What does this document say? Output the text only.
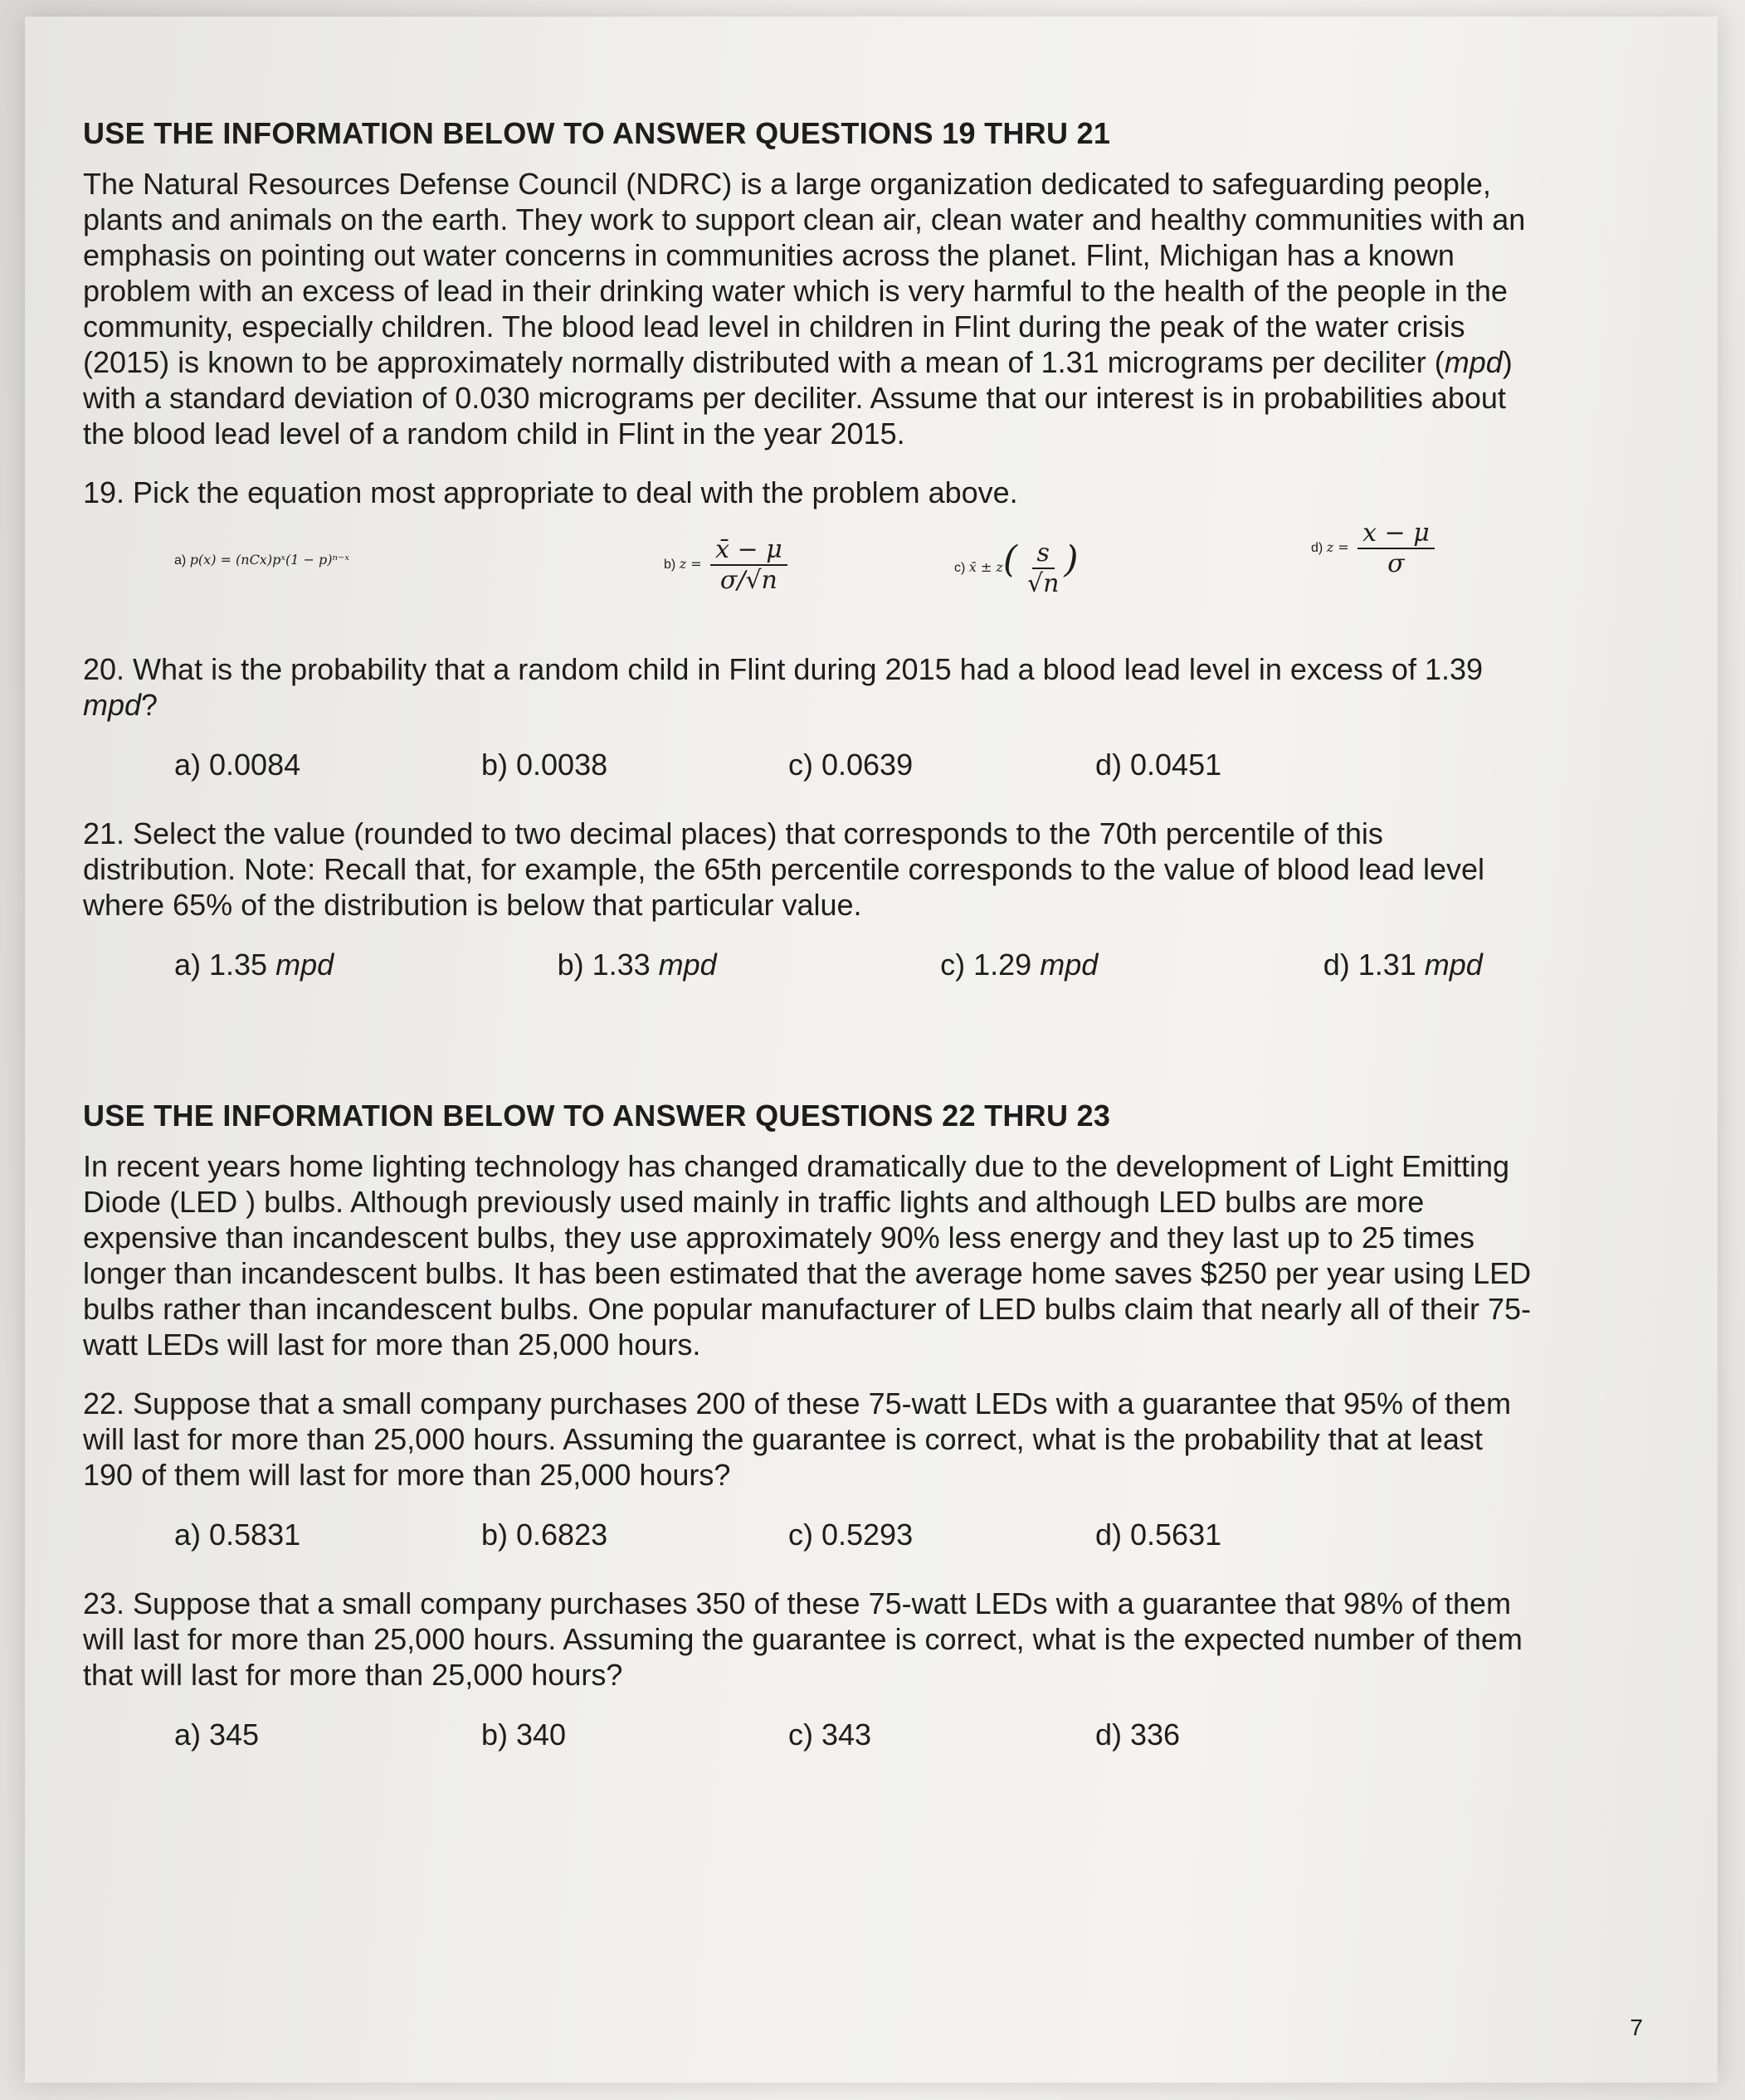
USE THE INFORMATION BELOW TO ANSWER QUESTIONS 19 THRU 21

The Natural Resources Defense Council (NDRC) is a large organization dedicated to safeguarding people, plants and animals on the earth. They work to support clean air, clean water and healthy communities with an emphasis on pointing out water concerns in communities across the planet. Flint, Michigan has a known problem with an excess of lead in their drinking water which is very harmful to the health of the people in the community, especially children. The blood lead level in children in Flint during the peak of the water crisis (2015) is known to be approximately normally distributed with a mean of 1.31 micrograms per deciliter (mpd) with a standard deviation of 0.030 micrograms per deciliter. Assume that our interest is in probabilities about the blood lead level of a random child in Flint in the year 2015.

19. Pick the equation most appropriate to deal with the problem above.
a) p(x) = (nCx)pˣ(1 − p)ⁿ⁻ˣ	b) $z = \frac{x̄ - \mu}{\sigma/√n}$	c) x̄ ± $z( \frac{s}{√n}$ )	d) $z = \frac{x - \mu}{\sigma}$
20. What is the probability that a random child in Flint during 2015 had a blood lead level in excess of 1.39 mpd?
a) 0.0084	b) 0.0038	c) 0.0639	d) 0.0451
21. Select the value (rounded to two decimal places) that corresponds to the 70th percentile of this distribution. Note: Recall that, for example, the 65th percentile corresponds to the value of blood lead level where 65% of the distribution is below that particular value.
a) 1.35 mpd	b) 1.33 mpd	c) 1.29 mpd	d) 1.31 mpd
USE THE INFORMATION BELOW TO ANSWER QUESTIONS 22 THRU 23

In recent years home lighting technology has changed dramatically due to the development of Light Emitting Diode (LED ) bulbs. Although previously used mainly in traffic lights and although LED bulbs are more expensive than incandescent bulbs, they use approximately 90% less energy and they last up to 25 times longer than incandescent bulbs. It has been estimated that the average home saves $250 per year using LED bulbs rather than incandescent bulbs. One popular manufacturer of LED bulbs claim that nearly all of their 75-watt LEDs will last for more than 25,000 hours.

22. Suppose that a small company purchases 200 of these 75-watt LEDs with a guarantee that 95% of them will last for more than 25,000 hours. Assuming the guarantee is correct, what is the probability that at least 190 of them will last for more than 25,000 hours?
a) 0.5831	b) 0.6823	c) 0.5293	d) 0.5631
23. Suppose that a small company purchases 350 of these 75-watt LEDs with a guarantee that 98% of them will last for more than 25,000 hours. Assuming the guarantee is correct, what is the expected number of them that will last for more than 25,000 hours?
a) 345	b) 340	c) 343	d) 336
7
